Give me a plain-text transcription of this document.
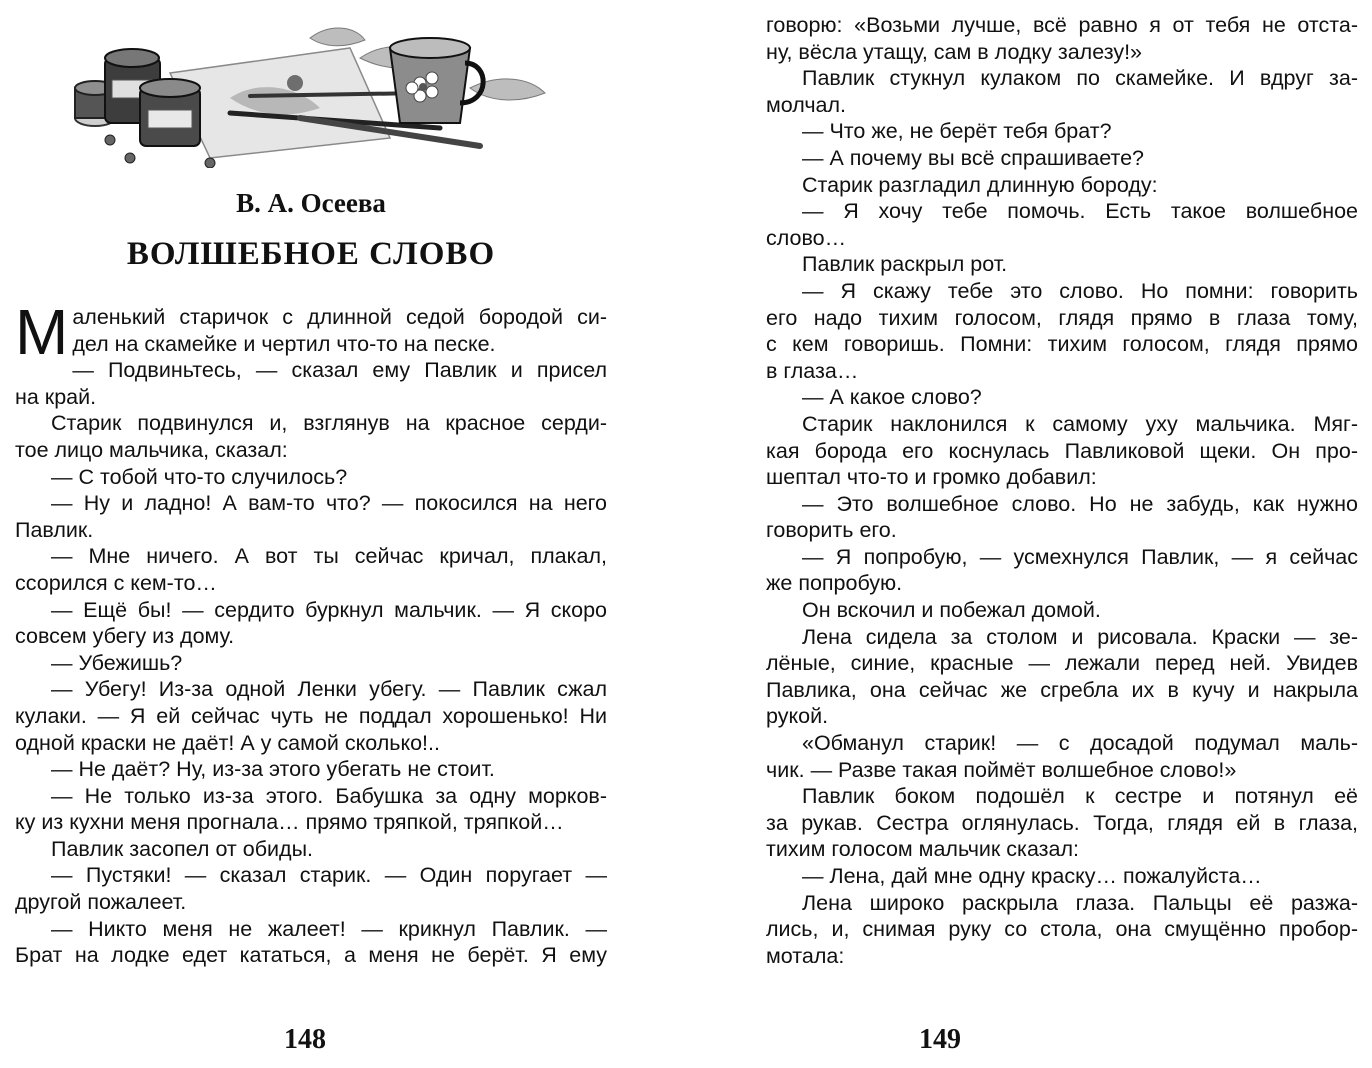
В. А. Осеева

ВОЛШЕБНОЕ СЛОВО

М аленький старичок с длинной седой бородой си-
дел на скамейке и чертил что-то на песке.
— Подвиньтесь, — сказал ему Павлик и присел
на край.
Старик подвинулся и, взглянув на красное серди-
тое лицо мальчика, сказал:
— С тобой что-то случилось?
— Ну и ладно! А вам-то что? — покосился на него
Павлик.
— Мне ничего. А вот ты сейчас кричал, плакал,
ссорился с кем-то…
— Ещё бы! — сердито буркнул мальчик. — Я скоро
совсем убегу из дому.
— Убежишь?
— Убегу! Из-за одной Ленки убегу. — Павлик сжал
кулаки. — Я ей сейчас чуть не поддал хорошенько! Ни
одной краски не даёт! А у самой сколько!..
— Не даёт? Ну, из-за этого убегать не стоит.
— Не только из-за этого. Бабушка за одну морков-
ку из кухни меня прогнала… прямо тряпкой, тряпкой…
Павлик засопел от обиды.
— Пустяки! — сказал старик. — Один поругает —
другой пожалеет.
— Никто меня не жалеет! — крикнул Павлик. —
Брат на лодке едет кататься, а меня не берёт. Я ему

148

говорю: «Возьми лучше, всё равно я от тебя не отста-
ну, вёсла утащу, сам в лодку залезу!»
Павлик стукнул кулаком по скамейке. И вдруг за-
молчал.
— Что же, не берёт тебя брат?
— А почему вы всё спрашиваете?
Старик разгладил длинную бороду:
— Я хочу тебе помочь. Есть такое волшебное
слово…
Павлик раскрыл рот.
— Я скажу тебе это слово. Но помни: говорить
его надо тихим голосом, глядя прямо в глаза тому,
с кем говоришь. Помни: тихим голосом, глядя прямо
в глаза…
— А какое слово?
Старик наклонился к самому уху мальчика. Мяг-
кая борода его коснулась Павликовой щеки. Он про-
шептал что-то и громко добавил:
— Это волшебное слово. Но не забудь, как нужно
говорить его.
— Я попробую, — усмехнулся Павлик, — я сейчас
же попробую.
Он вскочил и побежал домой.
Лена сидела за столом и рисовала. Краски — зе-
лёные, синие, красные — лежали перед ней. Увидев
Павлика, она сейчас же сгребла их в кучу и накрыла
рукой.
«Обманул старик! — с досадой подумал маль-
чик. — Разве такая поймёт волшебное слово!»
Павлик боком подошёл к сестре и потянул её
за рукав. Сестра оглянулась. Тогда, глядя ей в глаза,
тихим голосом мальчик сказал:
— Лена, дай мне одну краску… пожалуйста…
Лена широко раскрыла глаза. Пальцы её разжа-
лись, и, снимая руку со стола, она смущённо пробор-
мотала:

149
